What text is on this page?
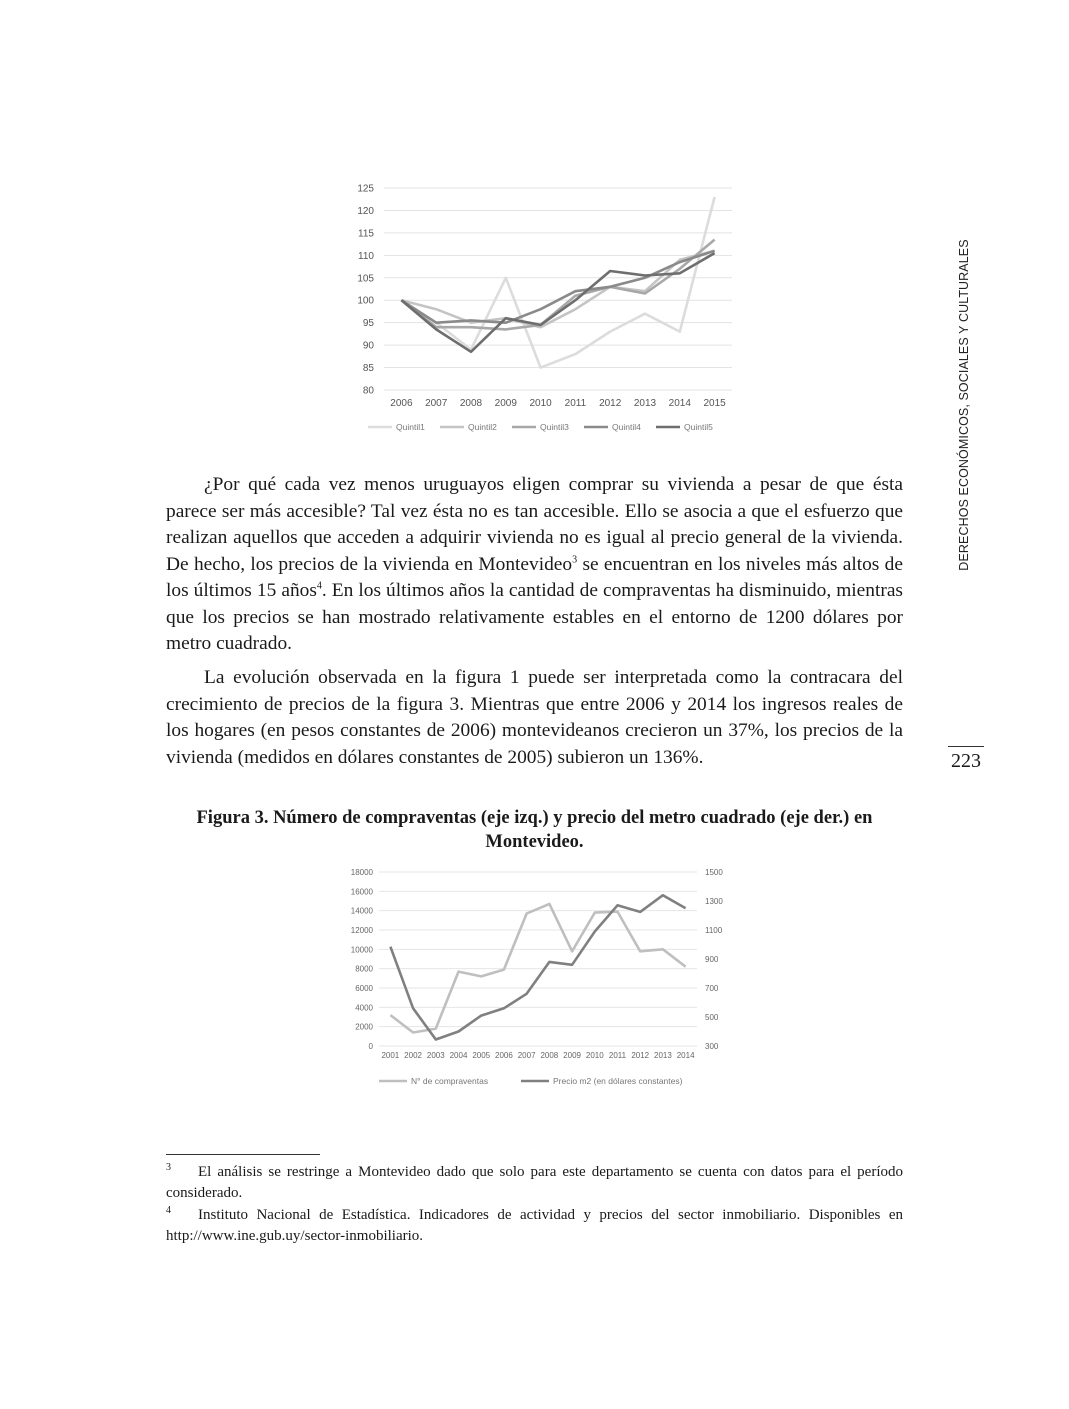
125
120
115
110
105
100
95
90
85
80
2006 2007 2008 2009 2010 2011 2012 2013 2014 2015
Quintil1	Quintil2	Quintil3	Quintil4	Quintil5

¿Por qué cada vez menos uruguayos eligen comprar su vivienda a pesar de que ésta parece ser más accesible? Tal vez ésta no es tan accesible. Ello se asocia a que el esfuerzo que realizan aquellos que acceden a adquirir vivienda no es igual al precio general de la vivienda. De hecho, los precios de la vivienda en Montevideo$^3$ se encuentran en los niveles más altos de los últimos 15 años$^4$. En los últimos años la cantidad de compraventas ha disminuido, mientras que los precios se han mostrado relativamente estables en el entorno de 1200 dólares por metro cuadrado.

La evolución observada en la figura 1 puede ser interpretada como la contracara del crecimiento de precios de la figura 3. Mientras que entre 2006 y 2014 los ingresos reales de los hogares (en pesos constantes de 2006) montevideanos crecieron un 37%, los precios de la vivienda (medidos en dólares constantes de 2005) subieron un 136%.

Figura 3. Número de compraventas (eje izq.) y precio del metro cuadrado (eje der.) en Montevideo.

18000
16000
14000
12000
10000
8000
6000
4000
2000
0
1500
1300
1100
900
700
500
300
2001 2002 2003 2004 2005 2006 2007 2008 2009 2010 2011 2012 2013 2014
N° de compraventas	Precio m2 (en dólares constantes)
DERECHOS ECONÓMICOS, SOCIALES Y CULTURALES
223

3 El análisis se restringe a Montevideo dado que solo para este departamento se cuenta con datos para el período considerado.

4 Instituto Nacional de Estadística. Indicadores de actividad y precios del sector inmobiliario. Disponibles en http://www.ine.gub.uy/sector-inmobiliario.
